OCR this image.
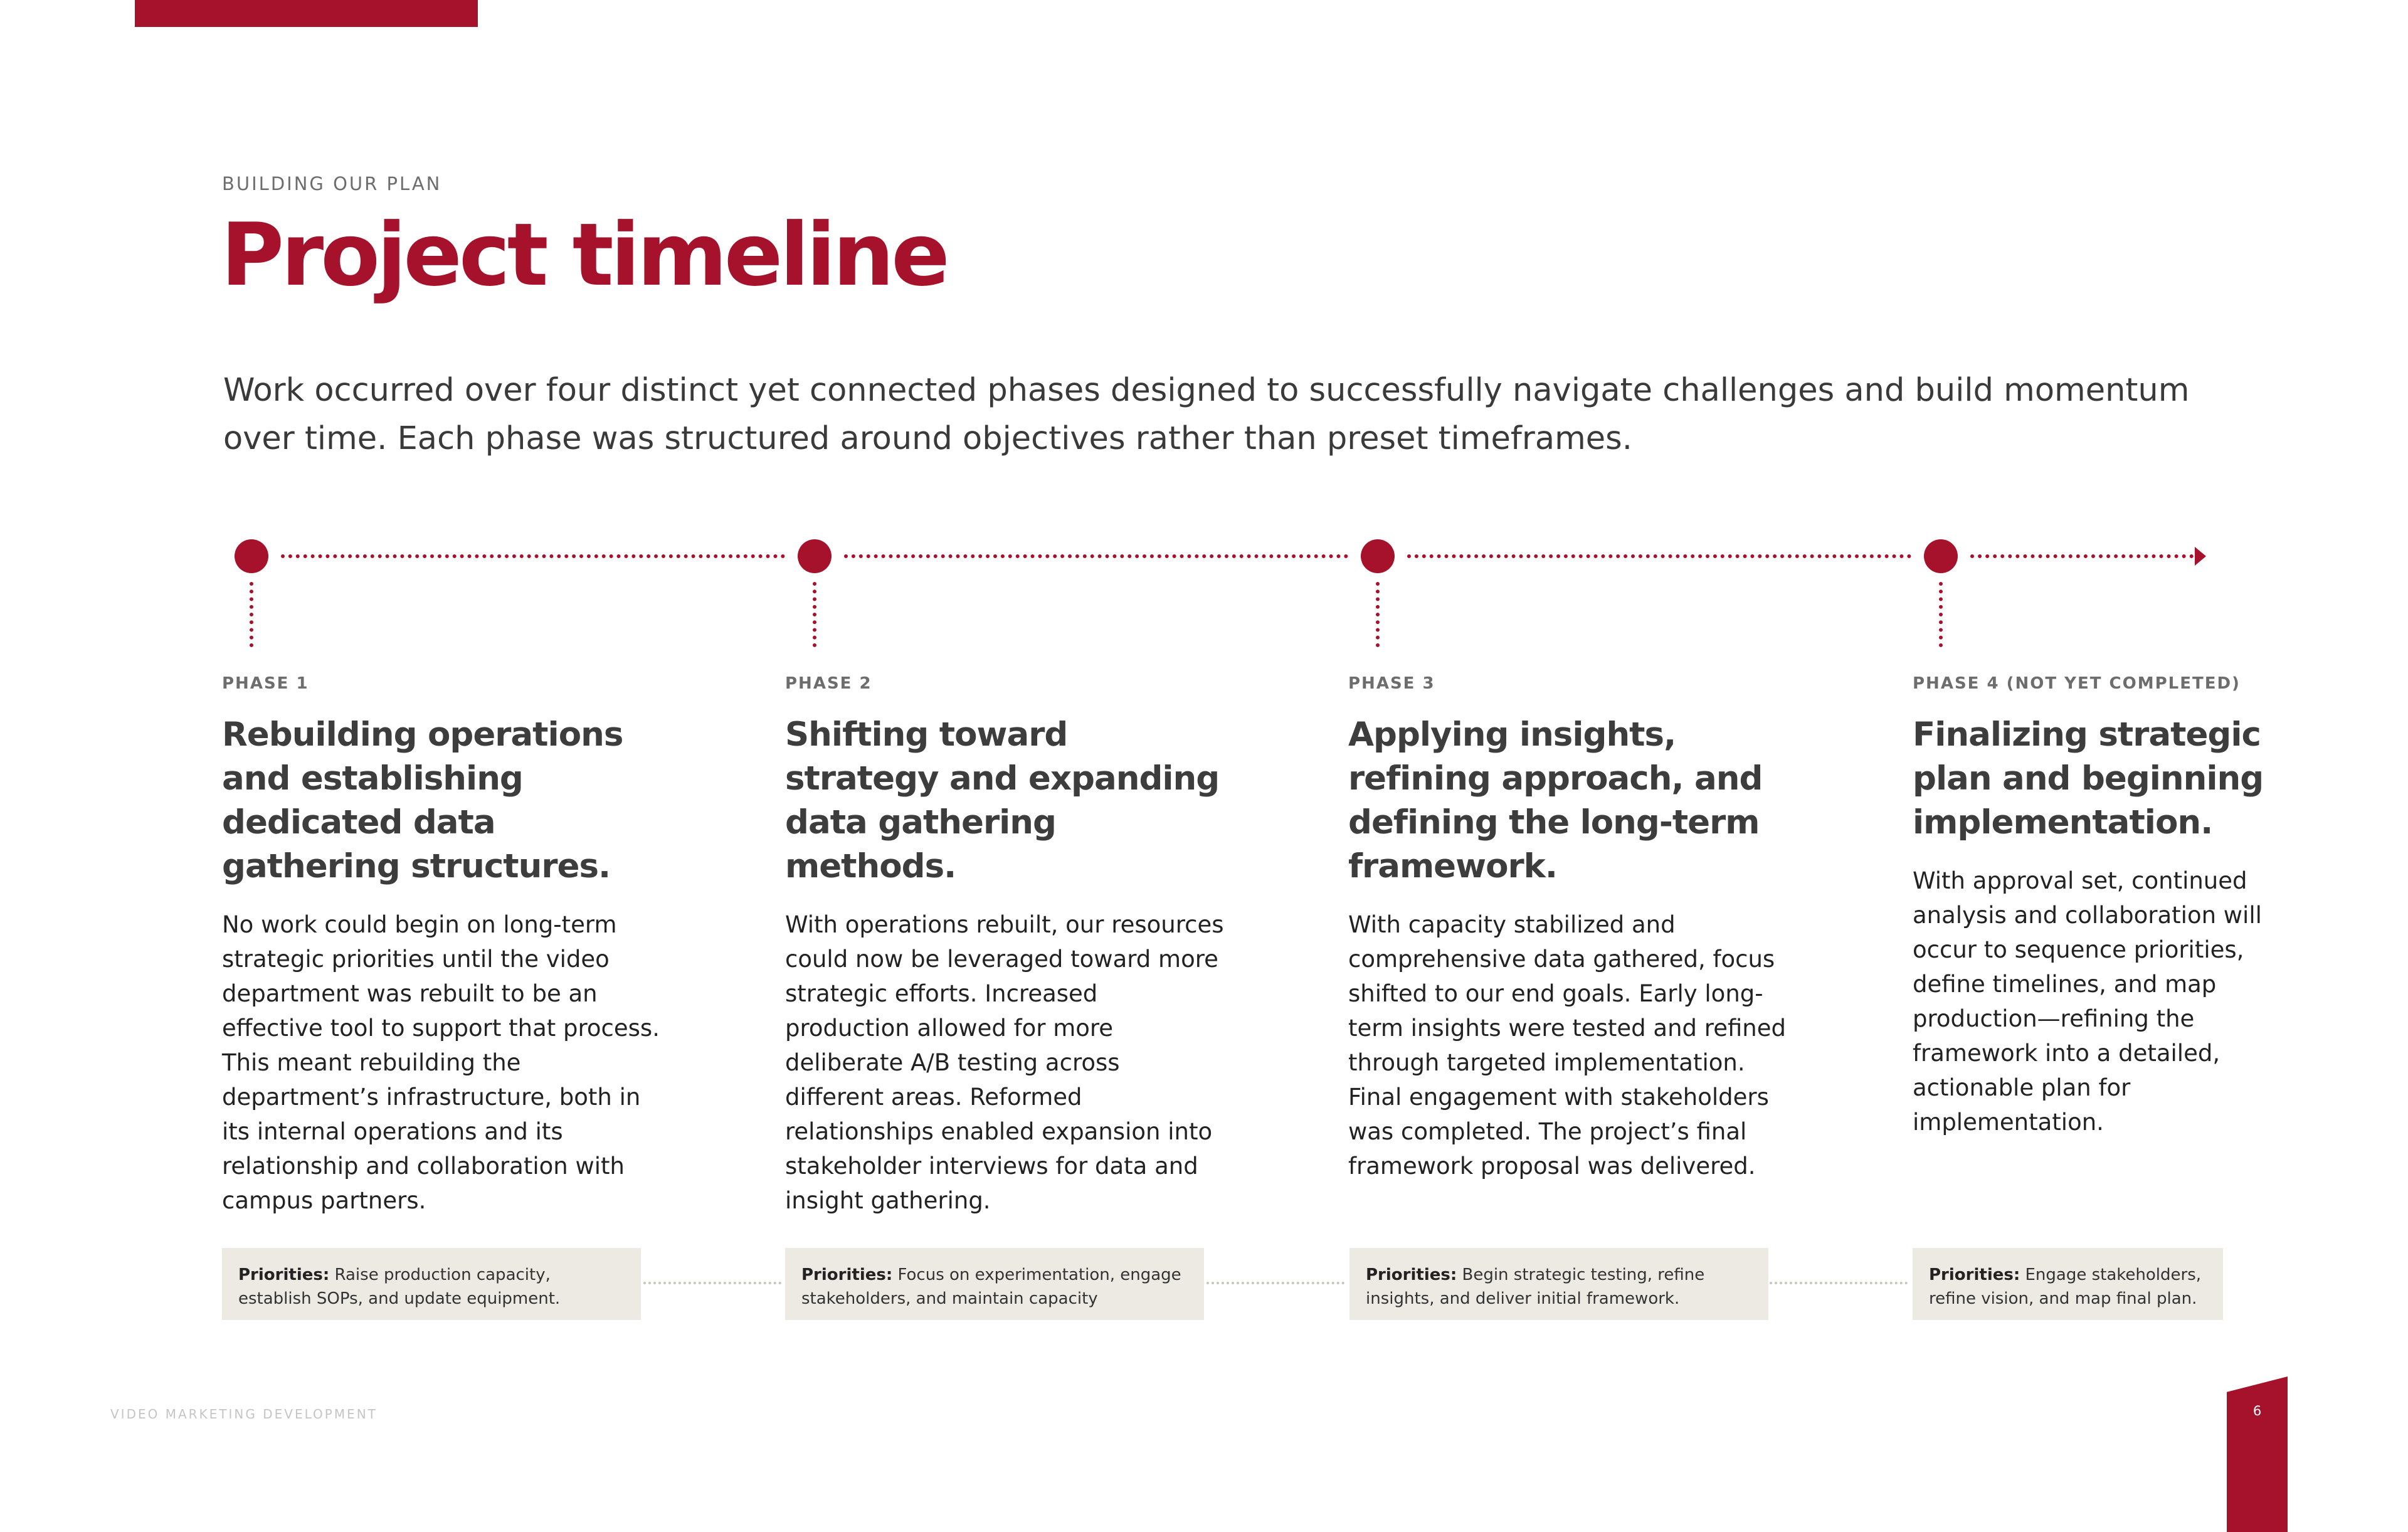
BUILDING OUR PLAN

Project timeline

Work occurred over four distinct yet connected phases designed to successfully navigate challenges and build momentum over time. Each phase was structured around objectives rather than preset timeframes.

PHASE 1

Rebuilding operations and establishing dedicated data gathering structures.

No work could begin on long-term strategic priorities until the video department was rebuilt to be an effective tool to support that process. This meant rebuilding the department’s infrastructure, both in its internal operations and its relationship and collaboration with campus partners.

PHASE 2

Shifting toward strategy and expanding data gathering methods.

With operations rebuilt, our resources could now be leveraged toward more strategic efforts. Increased production allowed for more deliberate A/B testing across different areas. Reformed relationships enabled expansion into stakeholder interviews for data and insight gathering.

PHASE 3

Applying insights, refining approach, and defining the long-term framework.

With capacity stabilized and comprehensive data gathered, focus shifted to our end goals. Early long-term insights were tested and refined through targeted implementation. Final engagement with stakeholders was completed. The project’s final framework proposal was delivered.

PHASE 4 (NOT YET COMPLETED)

Finalizing strategic plan and beginning implementation.

With approval set, continued analysis and collaboration will occur to sequence priorities, define timelines, and map production—refining the framework into a detailed, actionable plan for implementation.

Priorities: Raise production capacity, establish SOPs, and update equipment.
Priorities: Focus on experimentation, engage stakeholders, and maintain capacity
Priorities: Begin strategic testing, refine insights, and deliver initial framework.
Priorities: Engage stakeholders, refine vision, and map final plan.

VIDEO MARKETING DEVELOPMENT	6
